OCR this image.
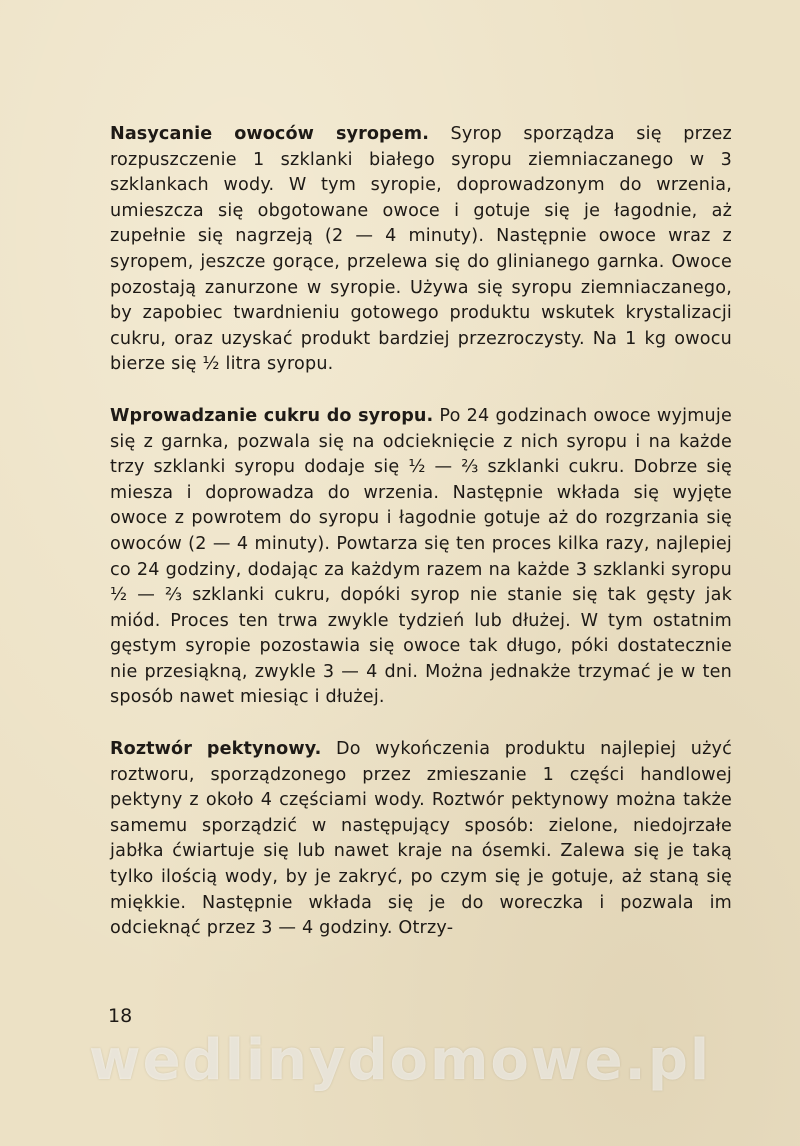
Nasycanie owoców syropem. Syrop sporządza się przez rozpuszczenie 1 szklanki białego syropu ziemniaczanego w 3 szklankach wody. W tym syropie, doprowadzonym do wrzenia, umieszcza się obgotowane owoce i gotuje się je łagodnie, aż zupełnie się nagrzeją (2 — 4 minuty). Następnie owoce wraz z syropem, jeszcze gorące, przelewa się do glinianego garnka. Owoce pozostają zanurzone w syropie. Używa się syropu ziemniaczanego, by zapobiec twardnieniu gotowego produktu wskutek krystalizacji cukru, oraz uzyskać produkt bardziej przezroczysty. Na 1 kg owocu bierze się ½ litra syropu.

Wprowadzanie cukru do syropu. Po 24 godzinach owoce wyjmuje się z garnka, pozwala się na odcieknięcie z nich syropu i na każde trzy szklanki syropu dodaje się ½ — ⅔ szklanki cukru. Dobrze się miesza i doprowadza do wrzenia. Następnie wkłada się wyjęte owoce z powrotem do syropu i łagodnie gotuje aż do rozgrzania się owoców (2 — 4 minuty). Powtarza się ten proces kilka razy, najlepiej co 24 godziny, dodając za każdym razem na każde 3 szklanki syropu ½ — ⅔ szklanki cukru, dopóki syrop nie stanie się tak gęsty jak miód. Proces ten trwa zwykle tydzień lub dłużej. W tym ostatnim gęstym syropie pozostawia się owoce tak długo, póki dostatecznie nie przesiąkną, zwykle 3 — 4 dni. Można jednakże trzymać je w ten sposób nawet miesiąc i dłużej.

Roztwór pektynowy. Do wykończenia produktu najlepiej użyć roztworu, sporządzonego przez zmieszanie 1 części handlowej pektyny z około 4 częściami wody. Roztwór pektynowy można także samemu sporządzić w następujący sposób: zielone, niedojrzałe jabłka ćwiartuje się lub nawet kraje na ósemki. Zalewa się je taką tylko ilością wody, by je zakryć, po czym się je gotuje, aż staną się miękkie. Następnie wkłada się je do woreczka i pozwala im odcieknąć przez 3 — 4 godziny. Otrzy-

18
wedlinydomowe.pl
